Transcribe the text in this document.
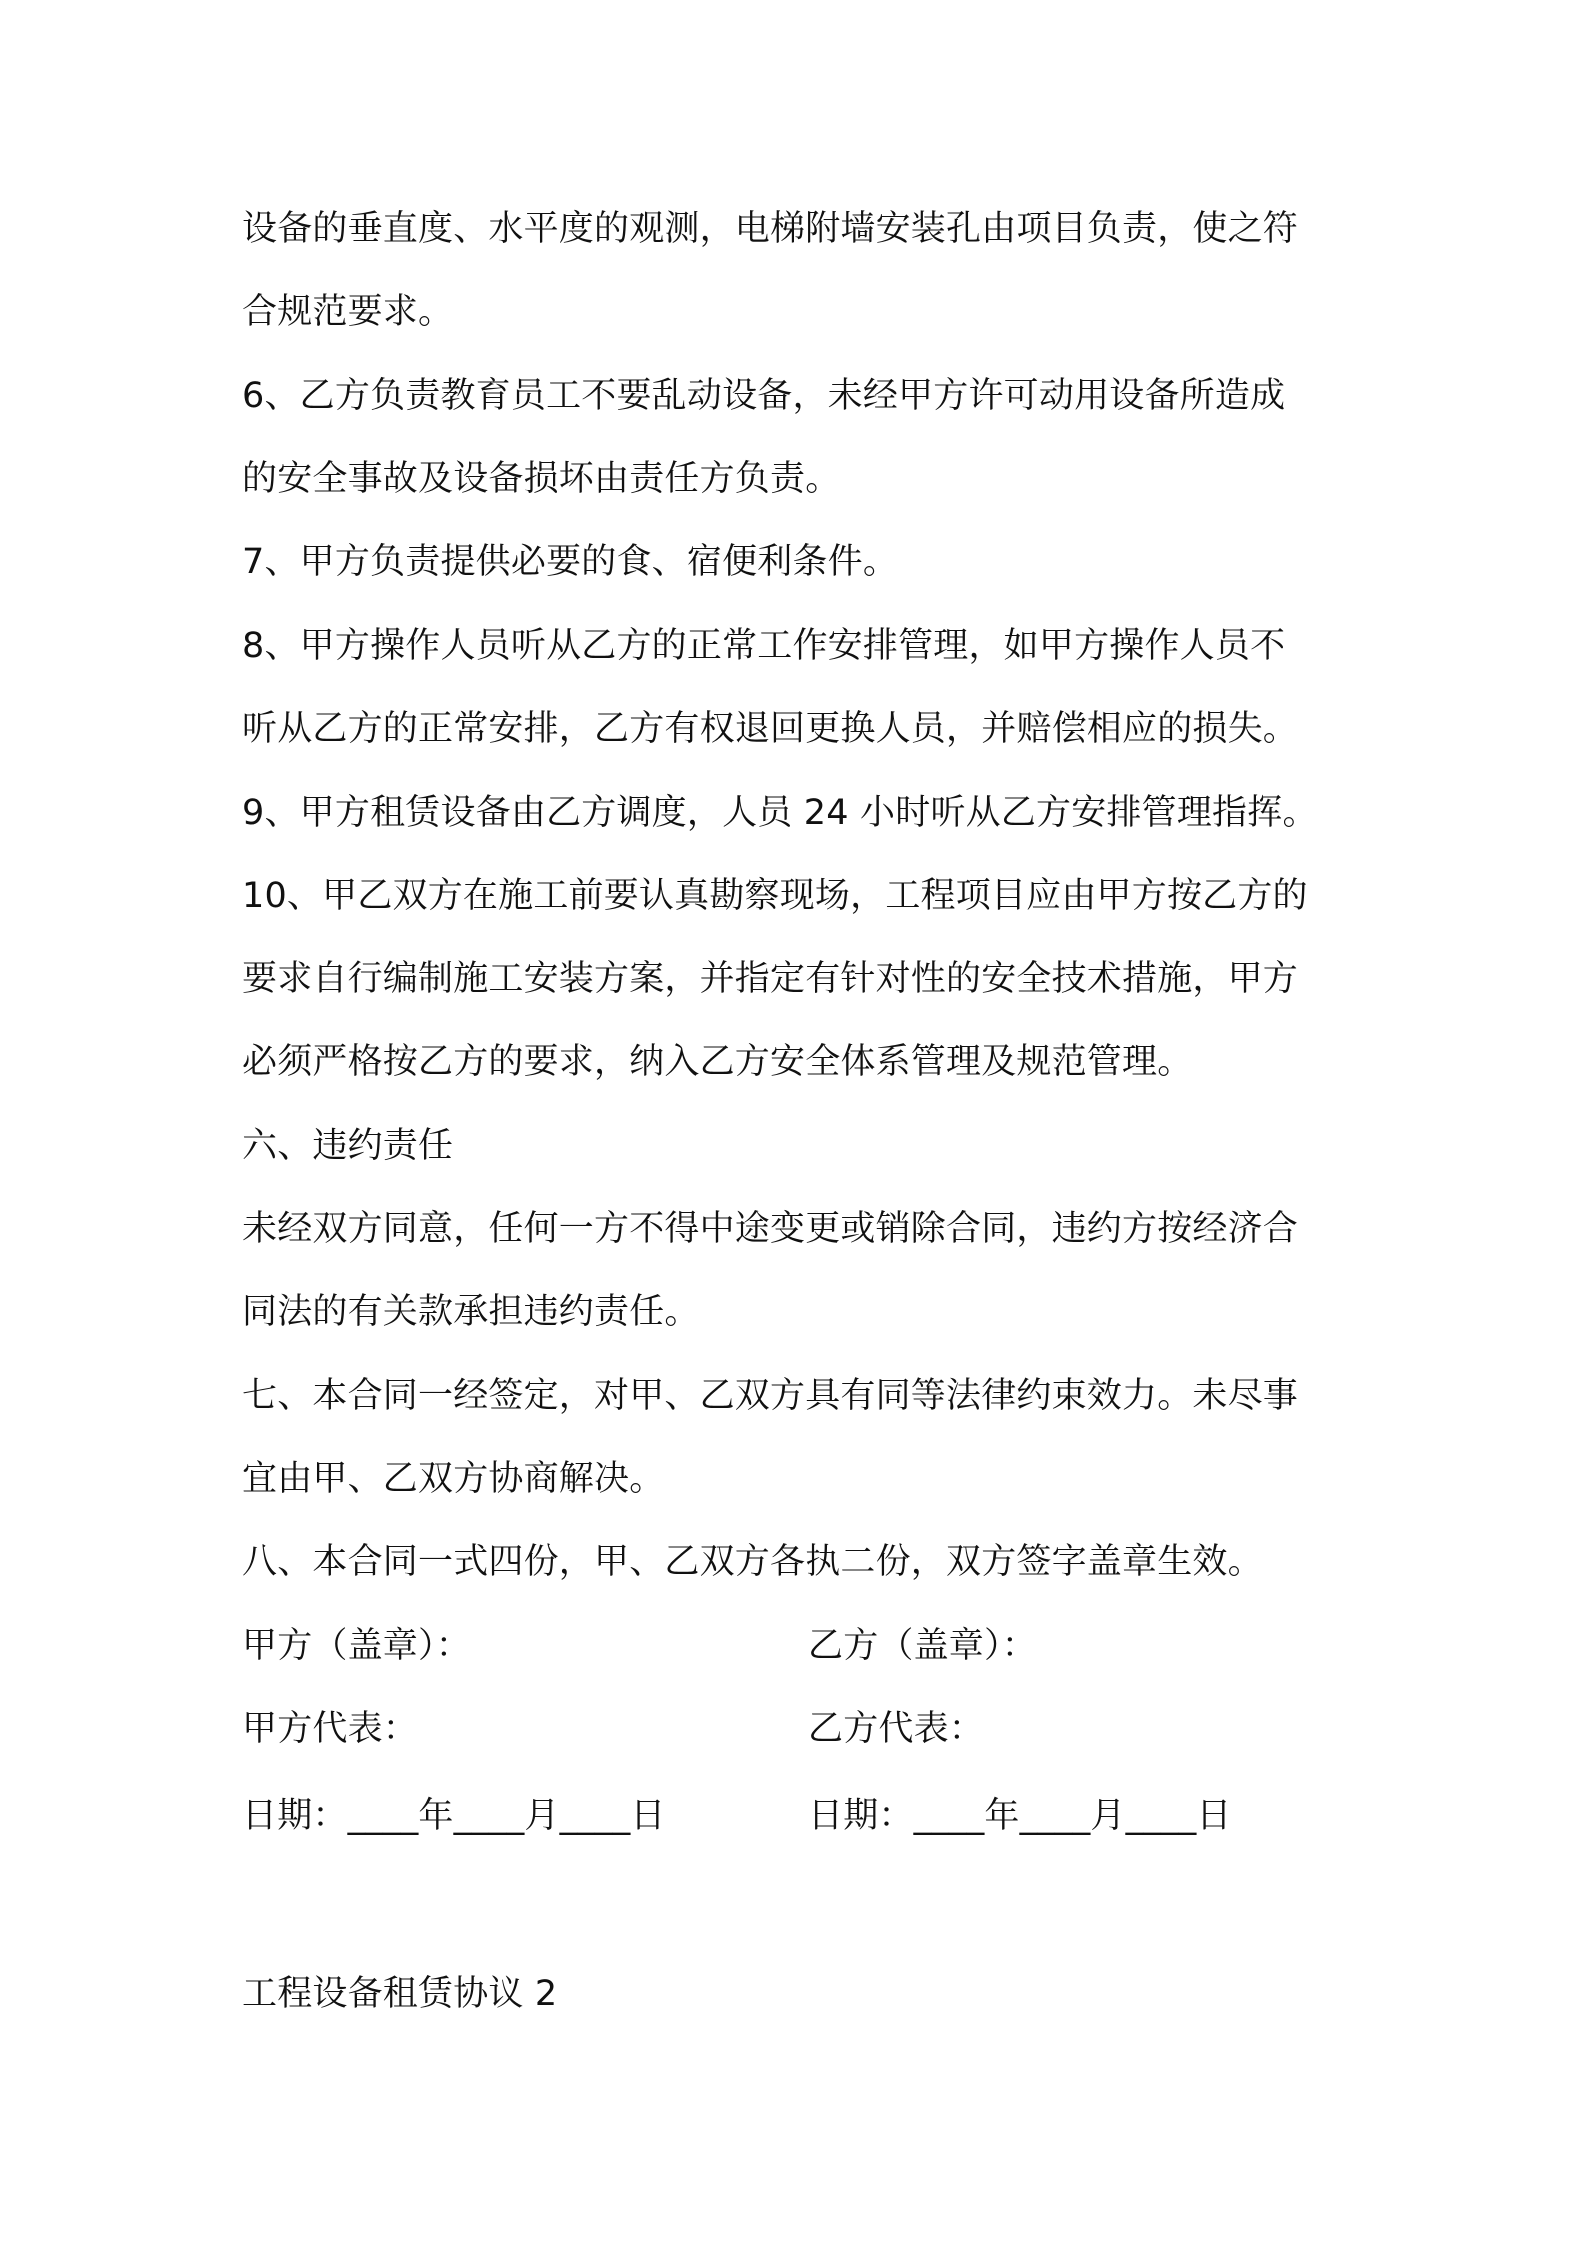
设备的垂直度、水平度的观测，电梯附墙安装孔由项目负责，使之符
合规范要求。
6、乙方负责教育员工不要乱动设备，未经甲方许可动用设备所造成
的安全事故及设备损坏由责任方负责。
7、甲方负责提供必要的食、宿便利条件。
8、甲方操作人员听从乙方的正常工作安排管理，如甲方操作人员不
听从乙方的正常安排，乙方有权退回更换人员，并赔偿相应的损失。
9、甲方租赁设备由乙方调度，人员 24 小时听从乙方安排管理指挥。
10、甲乙双方在施工前要认真勘察现场，工程项目应由甲方按乙方的
要求自行编制施工安装方案，并指定有针对性的安全技术措施，甲方
必须严格按乙方的要求，纳入乙方安全体系管理及规范管理。
六、违约责任
未经双方同意，任何一方不得中途变更或销除合同，违约方按经济合
同法的有关款承担违约责任。
七、本合同一经签定，对甲、乙双方具有同等法律约束效力。未尽事
宜由甲、乙双方协商解决。
八、本合同一式四份，甲、乙双方各执二份，双方签字盖章生效。
甲方（盖章）：	乙方（盖章）：
甲方代表：	乙方代表：
日期：____年____月____日	日期：____年____月____日
工程设备租赁协议 2
